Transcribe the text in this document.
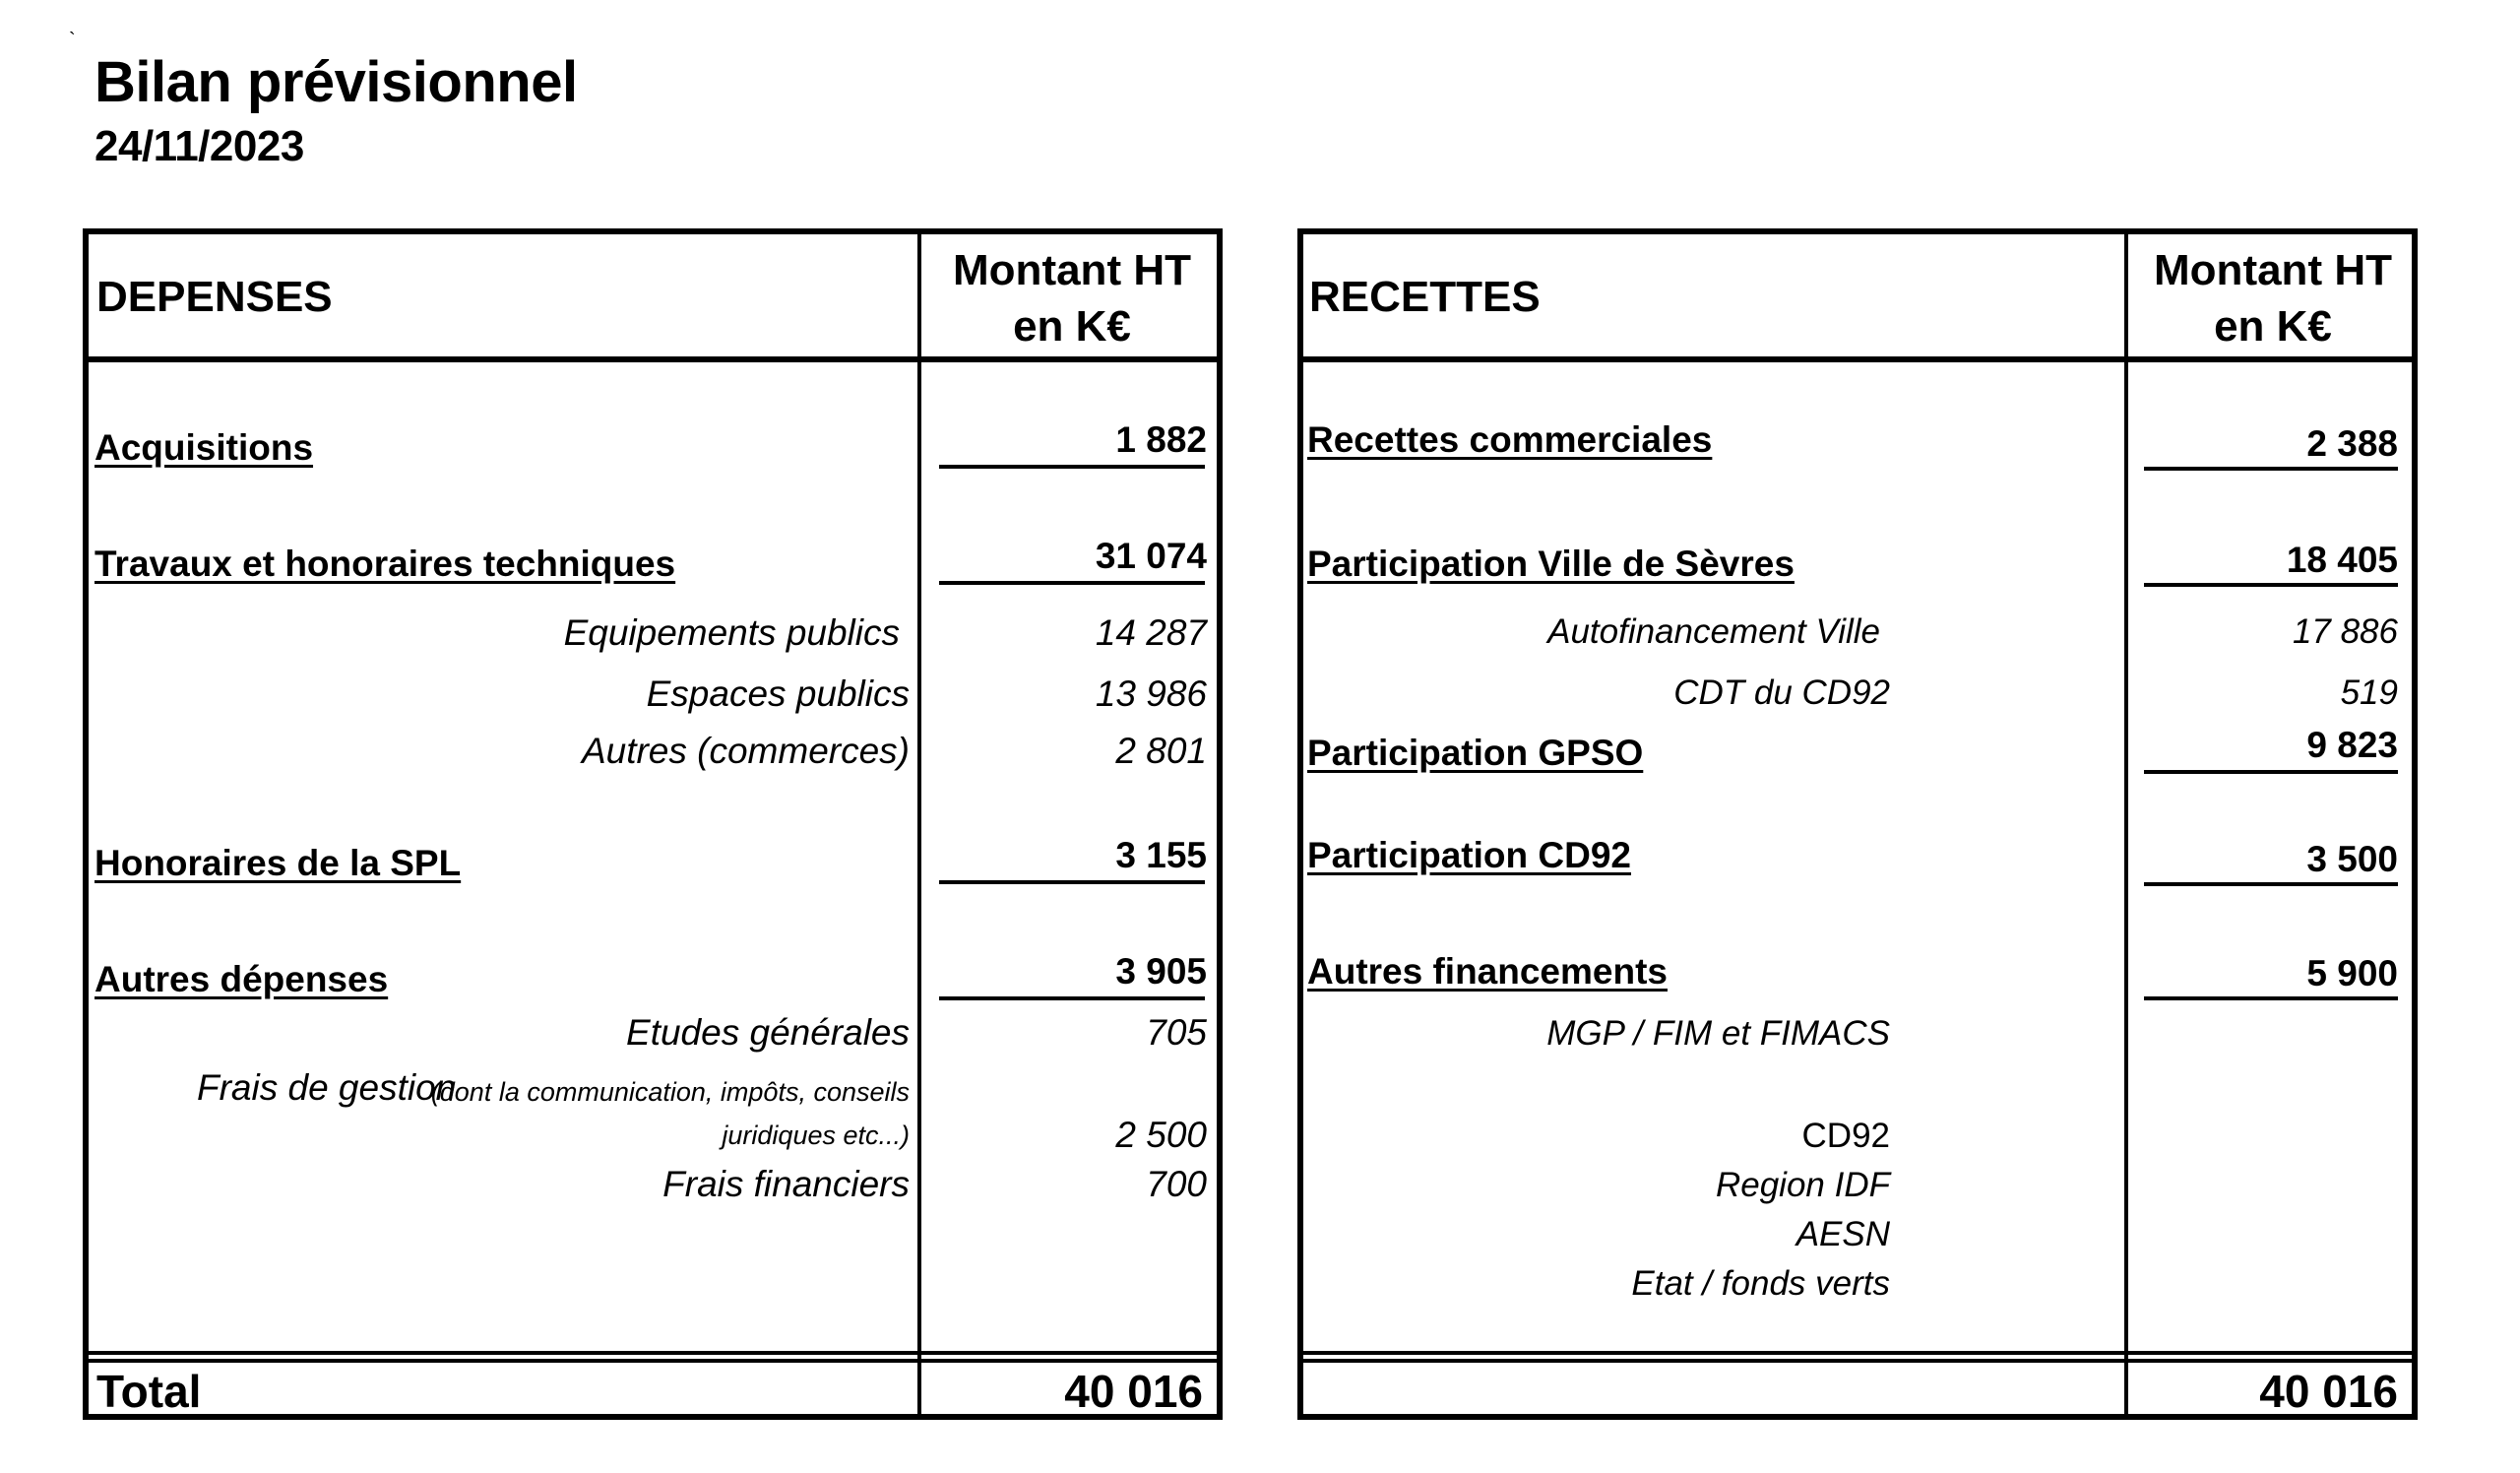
`
Bilan prévisionnel
24/11/2023
DEPENSES
Montant HT
en K€
Acquisitions	1 882
Travaux et honoraires techniques	31 074
Equipements publics	14 287
Espaces publics	13 986
Autres (commerces)	2 801
Honoraires de la SPL	3 155
Autres dépenses	3 905
Etudes générales	705
Frais de gestion
(dont la communication, impôts, conseils
juridiques etc...)	2 500
Frais financiers	700
Total	40 016
RECETTES
Montant HT
en K€
Recettes commerciales	2 388
Participation Ville de Sèvres	18 405
Autofinancement Ville	17 886
CDT du CD92	519
Participation GPSO	9 823
Participation CD92	3 500
Autres financements	5 900
MGP / FIM et FIMACS
CD92
Region IDF
AESN
Etat / fonds verts
40 016
